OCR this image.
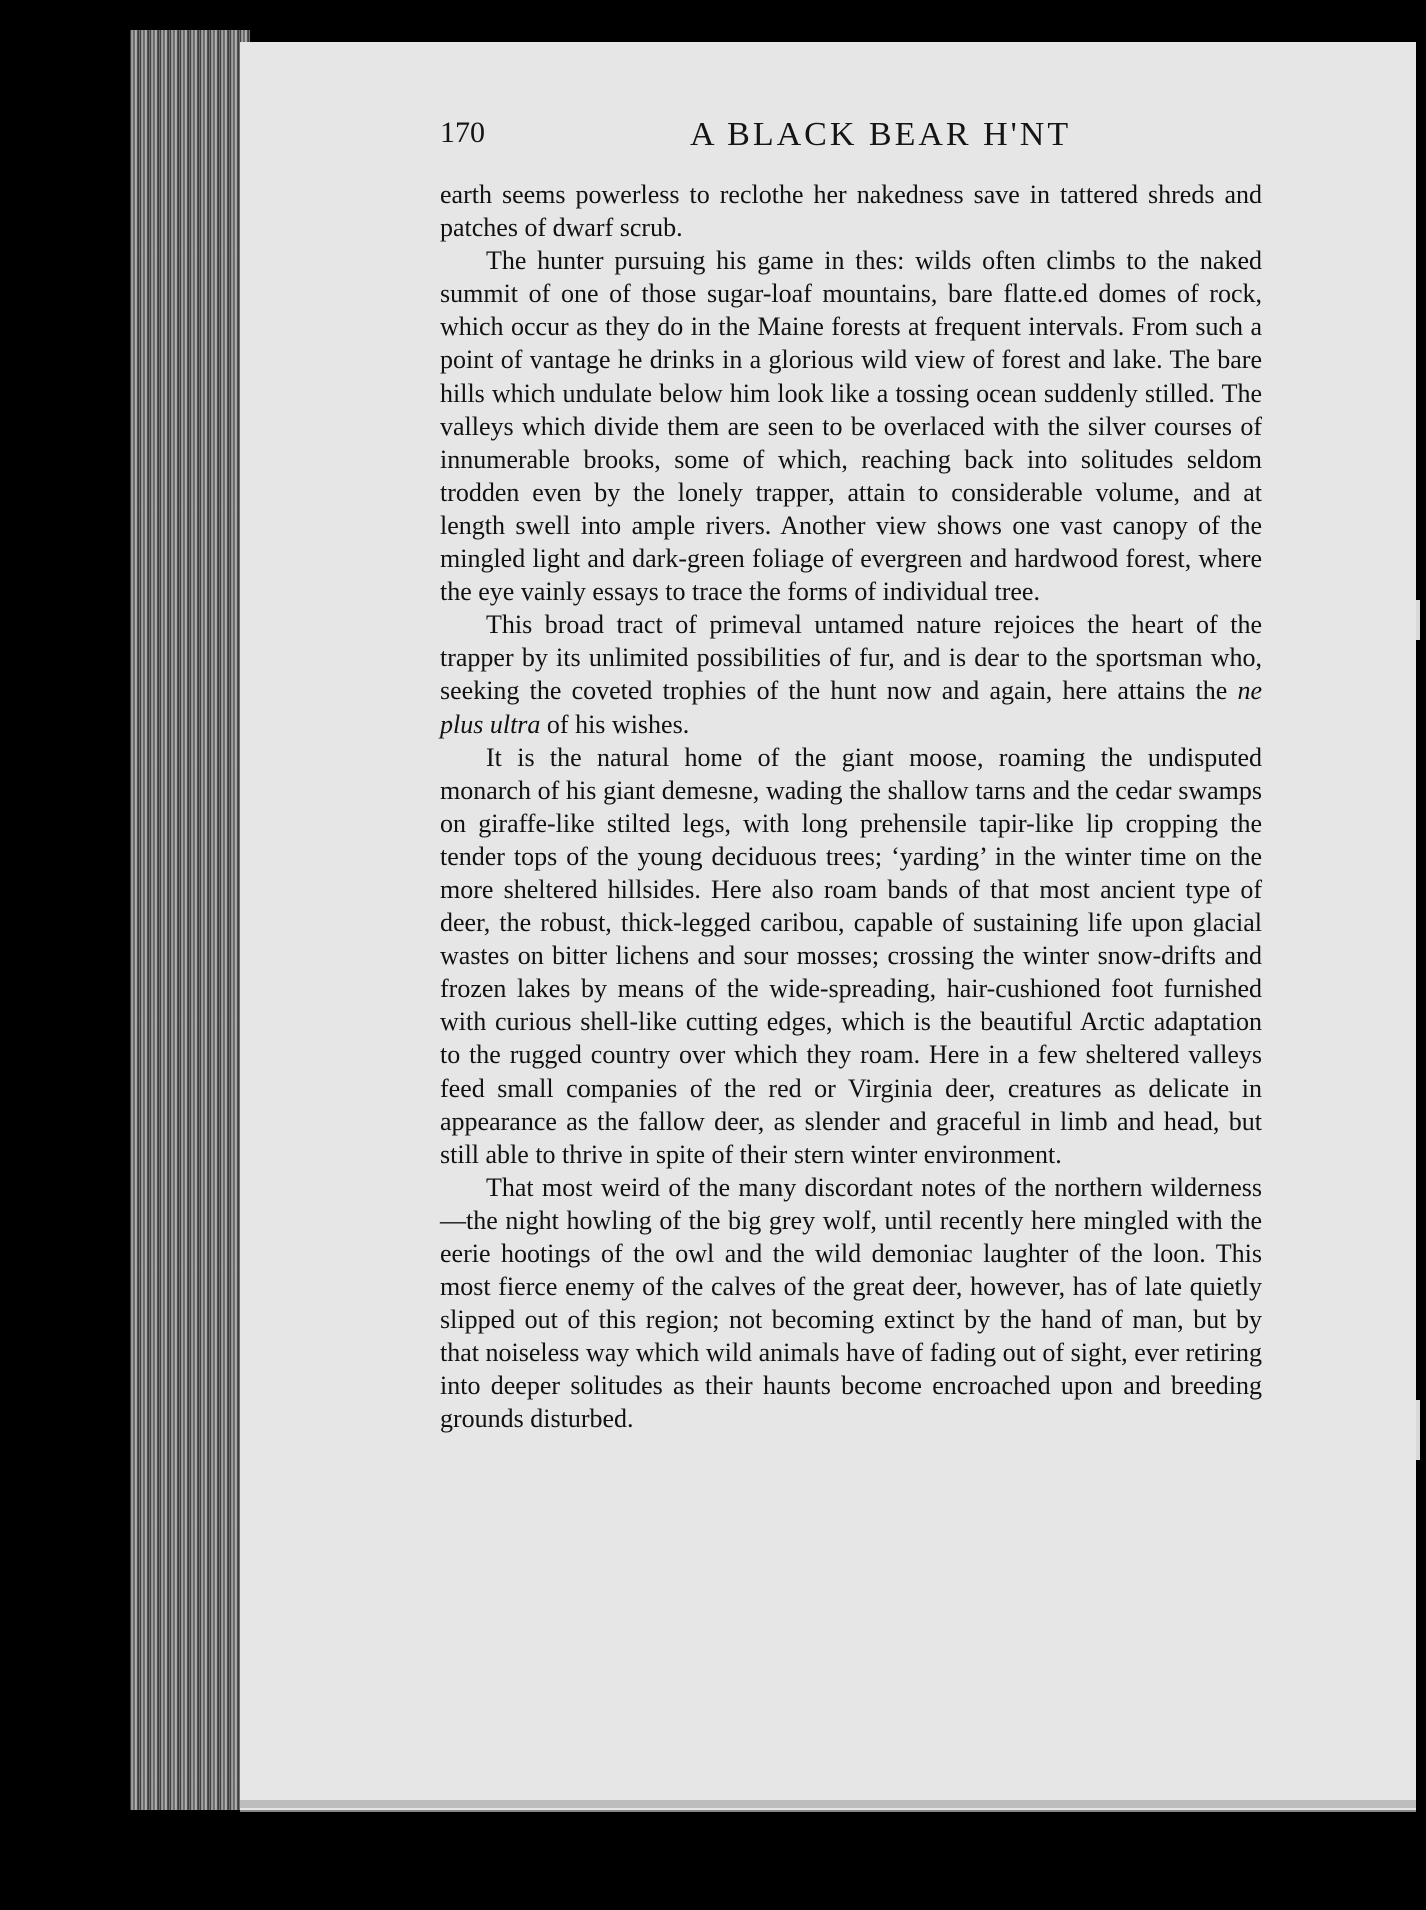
170	A BLACK BEAR H'NT

earth seems powerless to reclothe her nakedness save in tattered shreds and patches of dwarf scrub.

The hunter pursuing his game in thes: wilds often climbs to the naked summit of one of those sugar-loaf mountains, bare flatte.ed domes of rock, which occur as they do in the Maine forests at frequent intervals. From such a point of vantage he drinks in a glorious wild view of forest and lake. The bare hills which undulate below him look like a tossing ocean suddenly stilled. The valleys which divide them are seen to be overlaced with the silver courses of innumerable brooks, some of which, reaching back into solitudes seldom trodden even by the lonely trapper, attain to considerable volume, and at length swell into ample rivers. Another view shows one vast canopy of the mingled light and dark-green foliage of evergreen and hardwood forest, where the eye vainly essays to trace the forms of individual tree.

This broad tract of primeval untamed nature rejoices the heart of the trapper by its unlimited possibilities of fur, and is dear to the sportsman who, seeking the coveted trophies of the hunt now and again, here attains the ne plus ultra of his wishes.

It is the natural home of the giant moose, roaming the undisputed monarch of his giant demesne, wading the shallow tarns and the cedar swamps on giraffe-like stilted legs, with long prehensile tapir-like lip cropping the tender tops of the young deciduous trees; ‘yarding’ in the winter time on the more sheltered hillsides. Here also roam bands of that most ancient type of deer, the robust, thick-legged caribou, capable of sustaining life upon glacial wastes on bitter lichens and sour mosses; crossing the winter snow-drifts and frozen lakes by means of the wide-spreading, hair-cushioned foot furnished with curious shell-like cutting edges, which is the beautiful Arctic adaptation to the rugged country over which they roam. Here in a few sheltered valleys feed small companies of the red or Virginia deer, creatures as delicate in appearance as the fallow deer, as slender and graceful in limb and head, but still able to thrive in spite of their stern winter environment.

That most weird of the many discordant notes of the northern wilderness—the night howling of the big grey wolf, until recently here mingled with the eerie hootings of the owl and the wild demoniac laughter of the loon. This most fierce enemy of the calves of the great deer, however, has of late quietly slipped out of this region; not becoming extinct by the hand of man, but by that noiseless way which wild animals have of fading out of sight, ever retiring into deeper solitudes as their haunts become encroached upon and breeding grounds disturbed.
